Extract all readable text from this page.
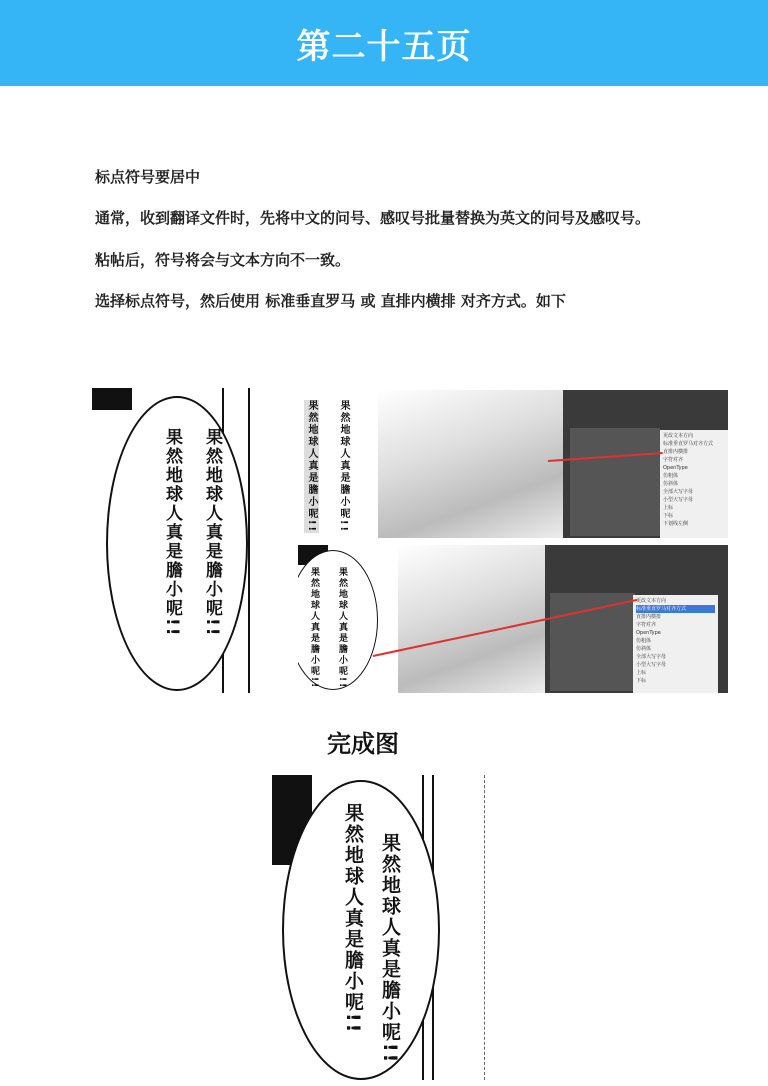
第二十五页
标点符号要居中
通常，收到翻译文件时，先将中文的问号、感叹号批量替换为英文的问号及感叹号。
粘帖后，符号将会与文本方向不一致。
选择标点符号，然后使用 标准垂直罗马 或 直排内横排 对齐方式。如下
果然地球人真是膽小呢!!
果然地球人真是膽小呢!!	果然地球人真是膽小呢!!
果然地球人真是膽小呢!!	更改文本方向
标准垂直罗马对齐方式
直排内横排
字符对齐
OpenType
仿粗体
仿斜体
全部大写字母
小型大写字母
上标
下标
下划线左侧
果然地球人真是膽小呢!!
果然地球人真是膽小呢!!	更改文本方向
标准垂直罗马对齐方式
直排内横排
字符对齐
OpenType
仿粗体
仿斜体
全部大写字母
小型大写字母
上标
下标
完成图
果然地球人真是膽小呢!!
果然地球人真是膽小呢!!
